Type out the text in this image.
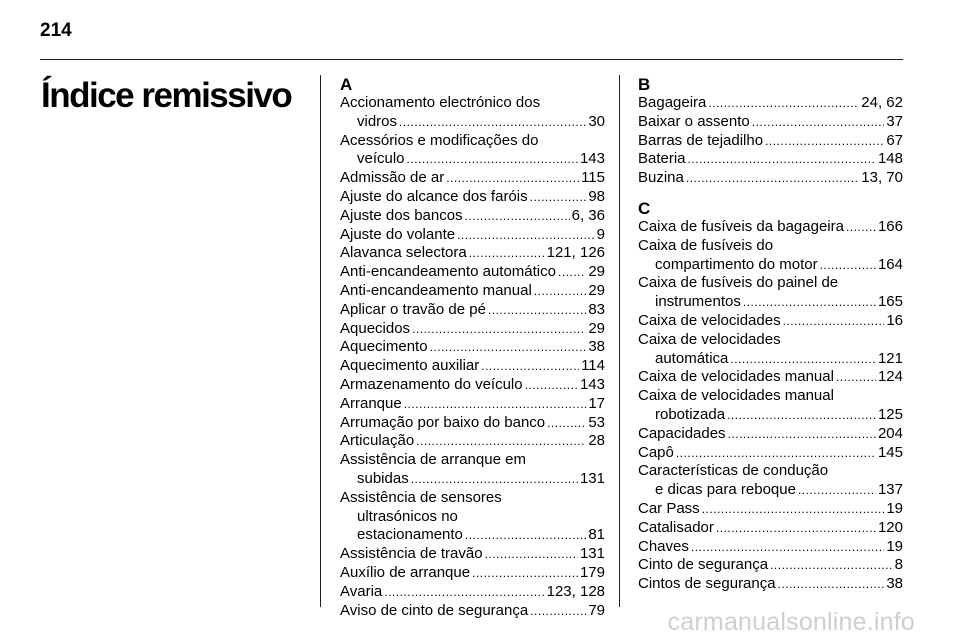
214
Índice remissivo	A
Accionamento electrónico dos
vidros .....	30
Acessórios e modificações do
veículo .....	143
Admissão de ar .....	115
Ajuste do alcance dos faróis .....	98
Ajuste dos bancos .....	6, 36
Ajuste do volante .....	9
Alavanca selectora .....	121, 126
Anti-encandeamento automático ..... 29
Anti-encandeamento manual .....	29
Aplicar o travão de pé .....	83
Aquecidos .....	29
Aquecimento .....	38
Aquecimento auxiliar .....	114
Armazenamento do veículo .....	143
Arranque .....	17
Arrumação por baixo do banco .....	53
Articulação .....	28
Assistência de arranque em
subidas .....	131
Assistência de sensores
ultrasónicos no
estacionamento .....	81
Assistência de travão .....	131
Auxílio de arranque .....	179
Avaria .....	123, 128
Aviso de cinto de segurança .....	79
B
Bagageira .....	24, 62
Baixar o assento .....	37
Barras de tejadilho .....	67
Bateria .....	148
Buzina .....	13, 70
C
Caixa de fusíveis da bagageira ..... 166
Caixa de fusíveis do
compartimento do motor .....	164
Caixa de fusíveis do painel de
instrumentos .....	165
Caixa de velocidades .....	16
Caixa de velocidades
automática .....	121
Caixa de velocidades manual .....	124
Caixa de velocidades manual
robotizada .....	125
Capacidades .....	204
Capô .....	145
Características de condução
e dicas para reboque .....	137
Car Pass .....	19
Catalisador .....	120
Chaves .....	19
Cinto de segurança .....	8
Cintos de segurança .....	38
carmanualsonline.info
